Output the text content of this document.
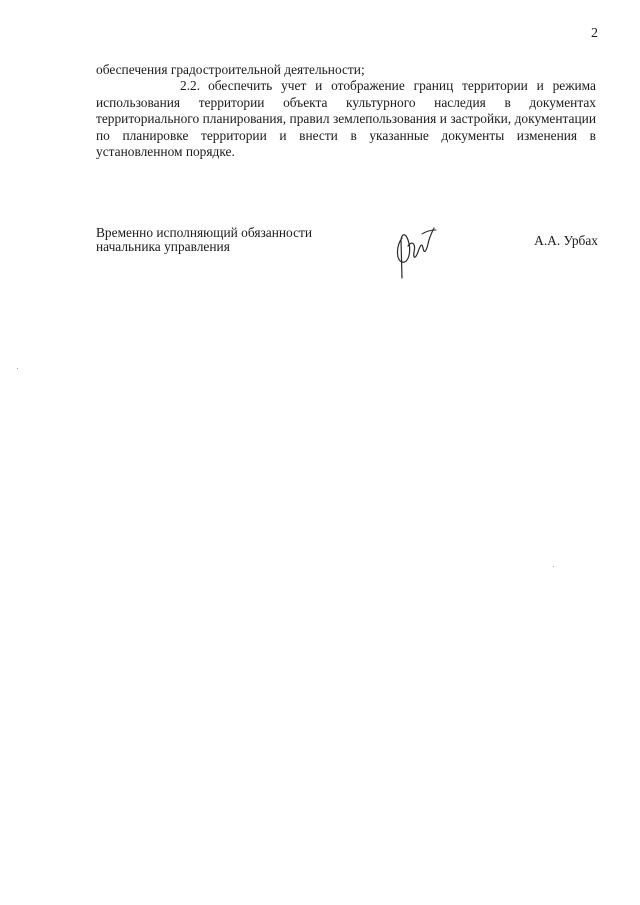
2

обеспечения градостроительной деятельности;

2.2. обеспечить учет и отображение границ территории и режима использования территории объекта культурного наследия в документах территориального планирования, правил землепользования и застройки, документации по планировке территории и внести в указанные документы изменения в установленном порядке.

Временно исполняющий обязанности
начальника управления	А.А. Урбах
